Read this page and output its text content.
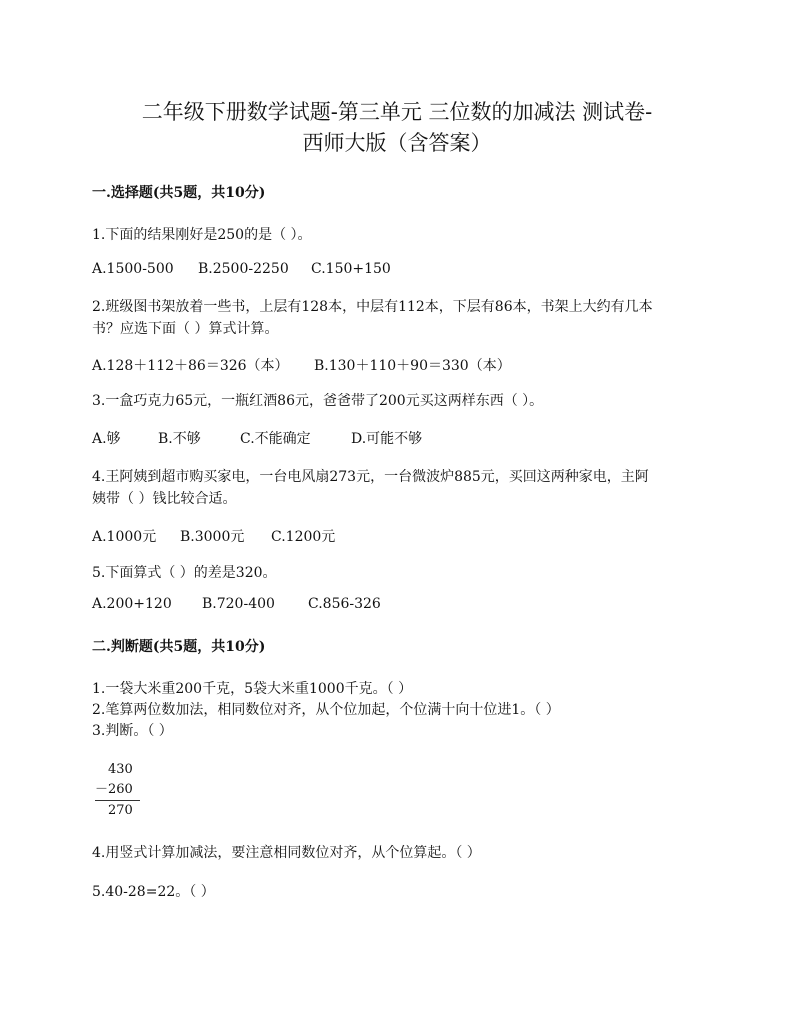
二年级下册数学试题-第三单元 三位数的加减法 测试卷-
西师大版（含答案）
一.选择题(共5题，共10分)
1.下面的结果刚好是250的是（ ）。
A.1500-500 B.2500-2250 C.150+150
2.班级图书架放着一些书，上层有128本，中层有112本，下层有86本，书架上大约有几本
书？应选下面（ ）算式计算。
A.128＋112＋86＝326（本） B.130＋110＋90＝330（本）
3.一盒巧克力65元，一瓶红酒86元，爸爸带了200元买这两样东西（ ）。
A.够	B.不够	C.不能确定	D.可能不够
4.王阿姨到超市购买家电，一台电风扇273元，一台微波炉885元，买回这两种家电，主阿
姨带（ ）钱比较合适。
A.1000元 B.3000元 C.1200元
5.下面算式（ ）的差是320。
A.200+120 B.720-400 C.856-326
二.判断题(共5题，共10分)
1.一袋大米重200千克，5袋大米重1000千克。（ ）
2.笔算两位数加法，相同数位对齐，从个位加起，个位满十向十位进1。（ ）
3.判断。（ ）
430
－260
270
4.用竖式计算加减法，要注意相同数位对齐，从个位算起。（ ）
5.40-28=22。（ ）
